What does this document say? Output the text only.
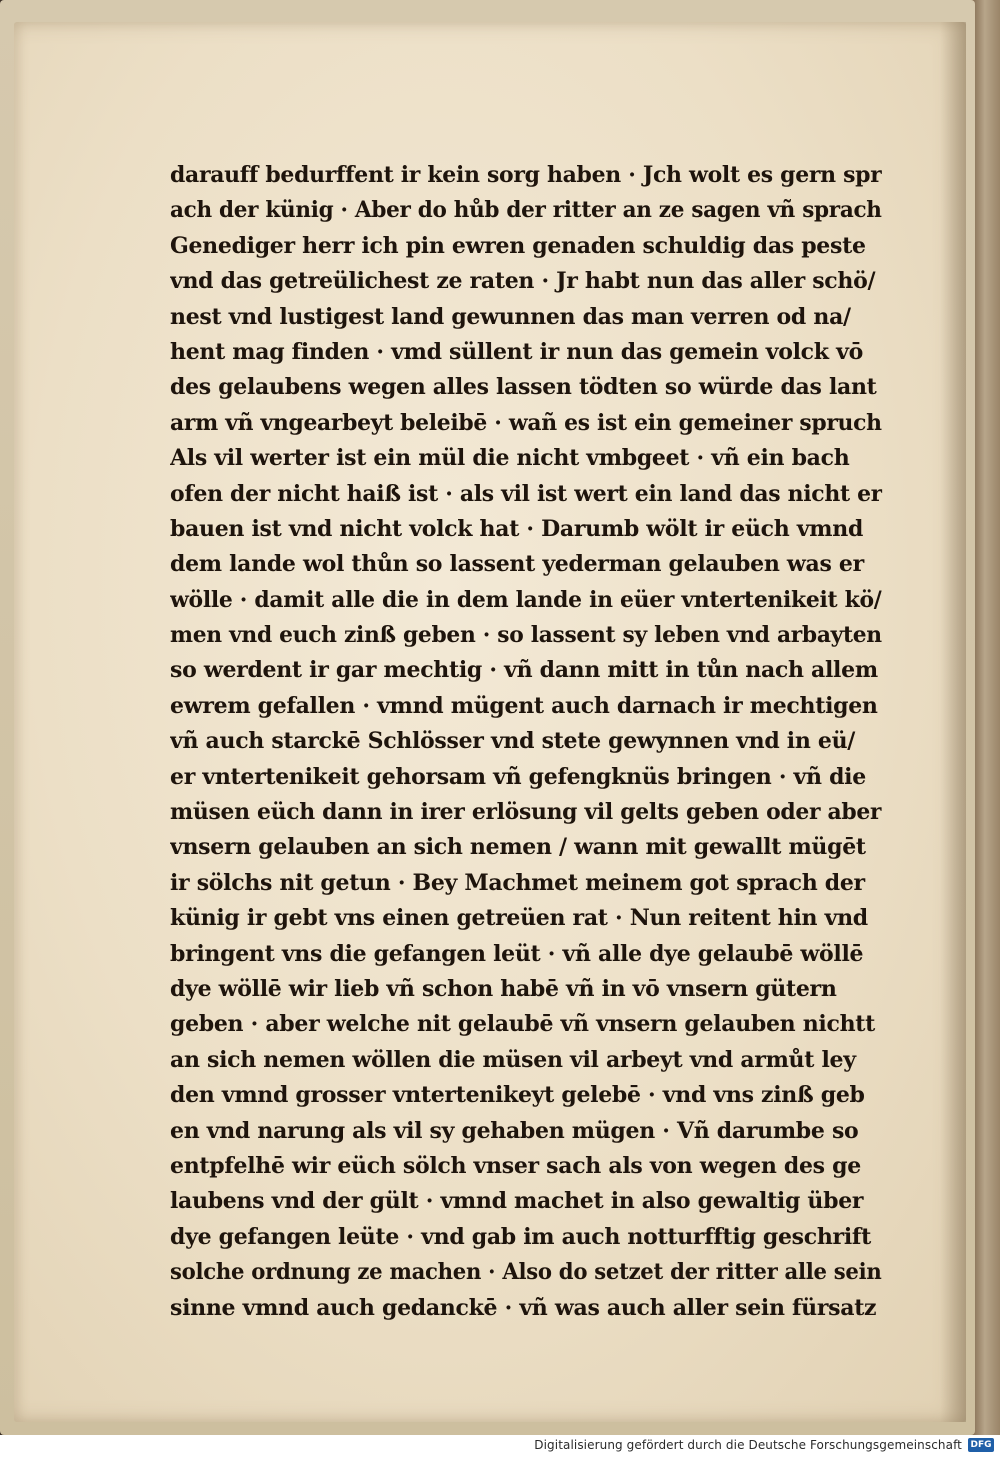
darauff bedurffent ir kein sorg haben · Jch wolt es gern spr
ach der künig · Aber do hůb der ritter an ze sagen vñ sprach
Genediger herr ich pin ewren genaden schuldig das peste
vnd das getreülichest ze raten · Jr habt nun das aller schö/
nest vnd lustigest land gewunnen das man verren od na/
hent mag finden · vmd süllent ir nun das gemein volck vō
des gelaubens wegen alles lassen tödten so würde das lant
arm vñ vngearbeyt beleibē · wañ es ist ein gemeiner spruch
Als vil werter ist ein mül die nicht vmbgeet · vñ ein bach
ofen der nicht haiß ist · als vil ist wert ein land das nicht er
bauen ist vnd nicht volck hat · Darumb wölt ir eüch vmnd
dem lande wol thůn so lassent yederman gelauben was er
wölle · damit alle die in dem lande in eüer vntertenikeit kö/
men vnd euch zinß geben · so lassent sy leben vnd arbayten
so werdent ir gar mechtig · vñ dann mitt in tůn nach allem
ewrem gefallen · vmnd mügent auch darnach ir mechtigen
vñ auch starckē Schlösser vnd stete gewynnen vnd in eü/
er vntertenikeit gehorsam vñ gefengknüs bringen · vñ die
müsen eüch dann in irer erlösung vil gelts geben oder aber
vnsern gelauben an sich nemen / wann mit gewallt mügēt
ir sölchs nit getun · Bey Machmet meinem got sprach der
künig ir gebt vns einen getreüen rat · Nun reitent hin vnd
bringent vns die gefangen leüt · vñ alle dye gelaubē wöllē
dye wöllē wir lieb vñ schon habē vñ in vō vnsern gütern
geben · aber welche nit gelaubē vñ vnsern gelauben nichtt
an sich nemen wöllen die müsen vil arbeyt vnd armůt ley
den vmnd grosser vntertenikeyt gelebē · vnd vns zinß geb
en vnd narung als vil sy gehaben mügen · Vñ darumbe so
entpfelhē wir eüch sölch vnser sach als von wegen des ge
laubens vnd der gült · vmnd machet in also gewaltig über
dye gefangen leüte · vnd gab im auch notturfftig geschrift
solche ordnung ze machen · Also do setzet der ritter alle sein
sinne vmnd auch gedanckē · vñ was auch aller sein fürsatz
Digitalisierung gefördert durch die Deutsche Forschungsgemeinschaft DFG
